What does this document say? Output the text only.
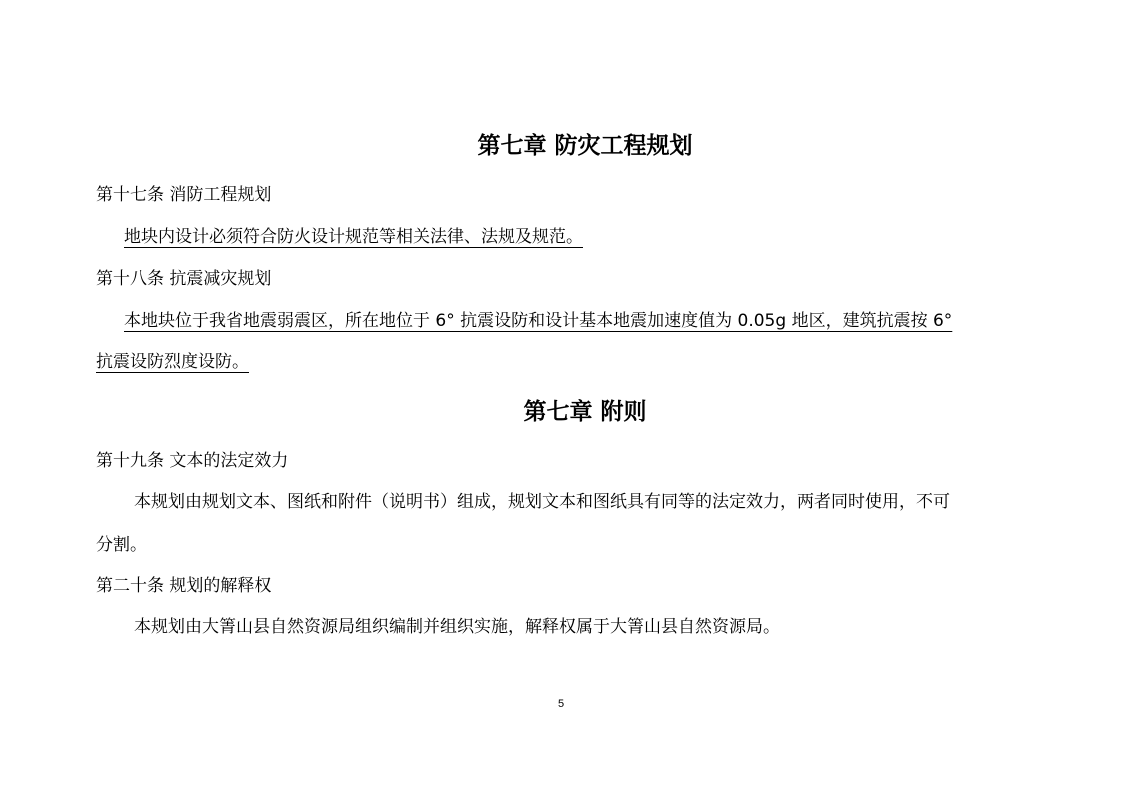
第七章 防灾工程规划
第十七条 消防工程规划
地块内设计必须符合防火设计规范等相关法律、法规及规范。
第十八条 抗震减灾规划
本地块位于我省地震弱震区，所在地位于 6° 抗震设防和设计基本地震加速度值为 0.05g 地区，建筑抗震按 6°
抗震设防烈度设防。
第七章 附则
第十九条 文本的法定效力
本规划由规划文本、图纸和附件（说明书）组成，规划文本和图纸具有同等的法定效力，两者同时使用，不可
分割。
第二十条 规划的解释权
本规划由大箐山县自然资源局组织编制并组织实施，解释权属于大箐山县自然资源局。
5
